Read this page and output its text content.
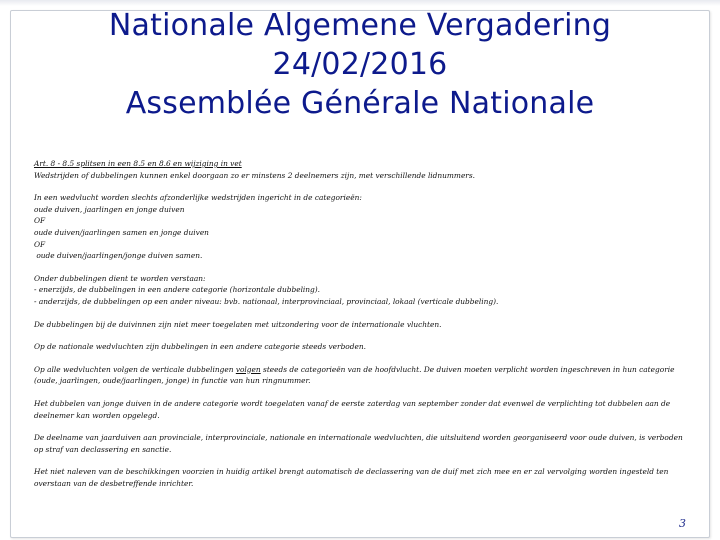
Nationale Algemene Vergadering
24/02/2016
Assemblée Générale Nationale
Art. 8 - 8.5 splitsen in een 8.5 en 8.6 en wijziging in vet
Wedstrijden of dubbelingen kunnen enkel doorgaan zo er minstens 2 deelnemers zijn, met verschillende lidnummers.
In een wedvlucht worden slechts afzonderlijke wedstrijden ingericht in de categorieën:
oude duiven, jaarlingen en jonge duiven
OF
oude duiven/jaarlingen samen en jonge duiven
OF
oude duiven/jaarlingen/jonge duiven samen.
Onder dubbelingen dient te worden verstaan:
- enerzijds, de dubbelingen in een andere categorie (horizontale dubbeling).
- anderzijds, de dubbelingen op een ander niveau: bvb. nationaal, interprovinciaal, provinciaal, lokaal (verticale dubbeling).
De dubbelingen bij de duivinnen zijn niet meer toegelaten met uitzondering voor de internationale vluchten.
Op de nationale wedvluchten zijn dubbelingen in een andere categorie steeds verboden.
Op alle wedvluchten volgen de verticale dubbelingen volgen steeds de categorieën van de hoofdvlucht. De duiven moeten verplicht worden ingeschreven in hun categorie (oude, jaarlingen, oude/jaarlingen, jonge) in functie van hun ringnummer.
Het dubbelen van jonge duiven in de andere categorie wordt toegelaten vanaf de eerste zaterdag van september zonder dat evenwel de verplichting tot dubbelen aan de deelnemer kan worden opgelegd.
De deelname van jaarduiven aan provinciale, interprovinciale, nationale en internationale wedvluchten, die uitsluitend worden georganiseerd voor oude duiven, is verboden op straf van declassering en sanctie.
Het niet naleven van de beschikkingen voorzien in huidig artikel brengt automatisch de declassering van de duif met zich mee en er zal vervolging worden ingesteld ten overstaan van de desbetreffende inrichter.
3
